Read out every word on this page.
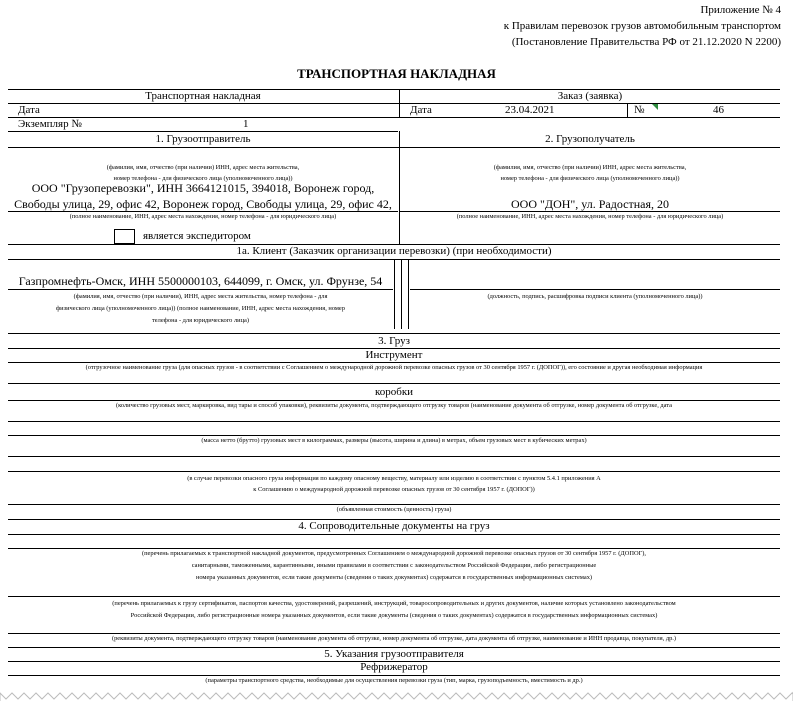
Приложение № 4
к Правилам перевозок грузов автомобильным транспортом
(Постановление Правительства РФ от 21.12.2020 N 2200)
ТРАНСПОРТНАЯ НАКЛАДНАЯ
Транспортная накладная	Заказ (заявка)
Дата	Дата	23.04.2021	№	46
Экземпляр №	1
1. Грузоотправитель	2. Грузополучатель
(фамилия, имя, отчество (при наличии) ИНН, адрес места жительства,
номер телефона - для физического лица (уполномоченного лица))
ООО "Грузоперевозки", ИНН 3664121015, 394018, Воронеж город,
Свободы улица, 29, офис 42, Воронеж город, Свободы улица, 29, офис 42,
(полное наименование, ИНН, адрес места нахождения, номер телефона - для юридического лица)
является экспедитором
(фамилия, имя, отчество (при наличии) ИНН, адрес места жительства,
номер телефона - для физического лица (уполномоченного лица))
ООО "ДОН", ул. Радостная, 20
(полное наименование, ИНН, адрес места нахождения, номер телефона - для юридического лица)
1а. Клиент (Заказчик организации перевозки) (при необходимости)
Газпромнефть-Омск, ИНН 5500000103, 644099, г. Омск, ул. Фрунзе, 54
(фамилия, имя, отчество (при наличии), ИНН, адрес места жительства, номер телефона - для
физического лица (уполномоченного лица)) (полное наименование, ИНН, адрес места нахождения, номер
телефона - для юридического лица)
(должность, подпись, расшифровка подписи клиента (уполномоченного лица))
3. Груз
Инструмент
(отгрузочное наименование груза (для опасных грузов - в соответствии с Соглашением о международной дорожной перевозке опасных грузов от 30 сентября 1957 г. (ДОПОГ)), его состояние и другая необходимая информация
коробки
(количество грузовых мест, маркировка, вид тары и способ упаковки), реквизиты документа, подтверждающего отгрузку товаров (наименование документа об отгрузке, номер документа об отгрузке, дата
(масса нетто (брутто) грузовых мест в килограммах, размеры (высота, ширина и длина) в метрах, объем грузовых мест в кубических метрах)
(в случае перевозки опасного груза информация по каждому опасному веществу, материалу или изделию в соответствии с пунктом 5.4.1 приложения А
к Соглашению о международной дорожной перевозке опасных грузов от 30 сентября 1957 г. (ДОПОГ))
(объявленная стоимость (ценность) груза)
4. Сопроводительные документы на груз
(перечень прилагаемых к транспортной накладной документов, предусмотренных Соглашением о международной дорожной перевозке опасных грузов от 30 сентября 1957 г. (ДОПОГ),
санитарными, таможенными, карантинными, иными правилами в соответствии с законодательством Российской Федерации, либо регистрационные
номера указанных документов, если такие документы (сведения о таких документах) содержатся в государственных информационных системах)
(перечень прилагаемых к грузу сертификатов, паспортов качества, удостоверений, разрешений, инструкций, товаросопроводительных и других документов, наличие которых установлено законодательством
Российской Федерации, либо регистрационные номера указанных документов, если такие документы (сведения о таких документах) содержатся в государственных информационных системах)
(реквизиты документа, подтверждающего отгрузку товаров (наименование документа об отгрузке, номер документа об отгрузке, дата документа об отгрузке, наименование и ИНН продавца, покупателя, др.)
5. Указания грузоотправителя
Рефрижератор
(параметры транспортного средства, необходимые для осуществления перевозки груза (тип, марка, грузоподъемность, вместимость и др.)
